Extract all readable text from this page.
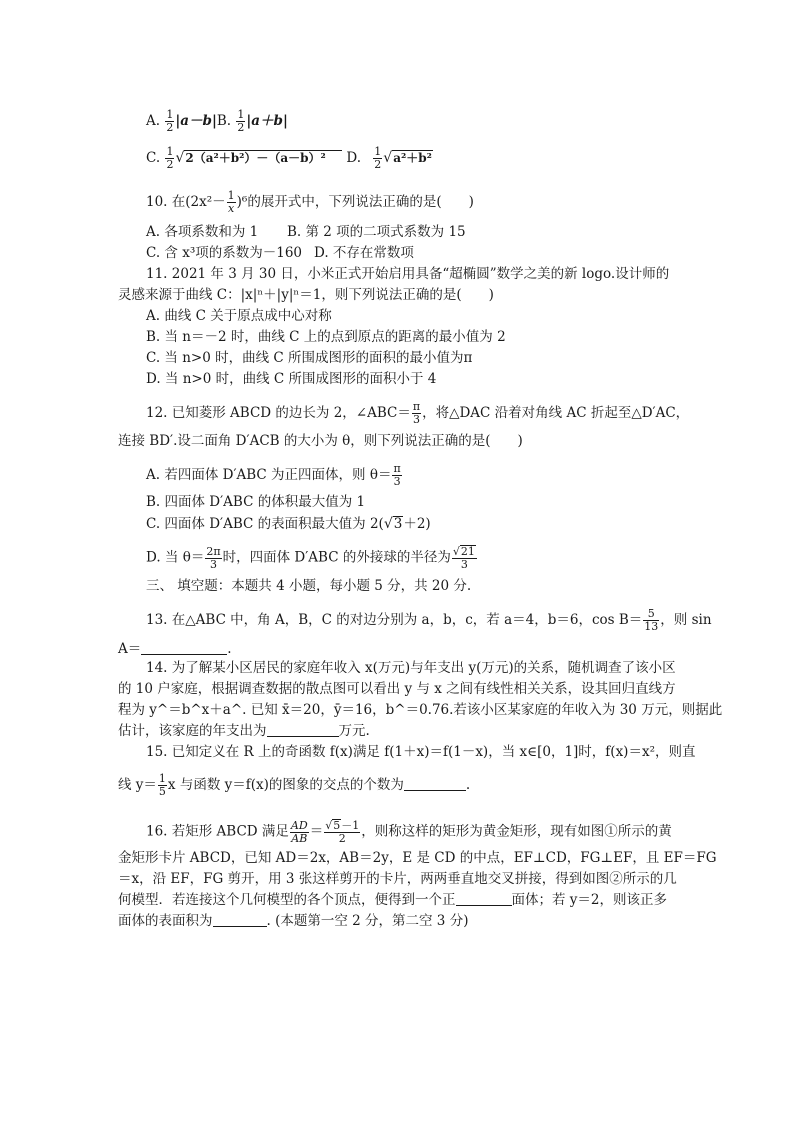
A. $\frac{1}{2} |a-b|B$. $\frac{1}{2} |a+b|$
C. $\frac{1}{2} √2(a^2+b^2)-(a-b)^2$ D. $\frac{1}{2} √a^2+b^2$
10. 在$(2x^2- \frac{1}{x} )^6$的展开式中，下列说法正确的是(　　)
A. 各项系数和为 1 B. 第 2 项的二项式系数为 15
C. 含 x³项的系数为－160 D. 不存在常数项
11. 2021 年 3 月 30 日，小米正式开始启用具备“超椭圆”数学之美的新 logo.设计师的
灵感来源于曲线 C：|x|ⁿ＋|y|ⁿ＝1，则下列说法正确的是(　　)
A. 曲线 C 关于原点成中心对称
B. 当 n＝－2 时，曲线 C 上的点到原点的距离的最小值为 2
C. 当 n>0 时，曲线 C 所围成图形的面积的最小值为π
D. 当 n>0 时，曲线 C 所围成图形的面积小于 4
12. 已知菱形 ABCD 的边长为 2，∠ABC＝ $\frac{\pi}{3}$ ，将△DAC 沿着对角线 AC 折起至△D′AC，
连接 BD′.设二面角 D′ACB 的大小为 θ，则下列说法正确的是(　　)
A. 若四面体 D′ABC 为正四面体，则 $\theta= \frac{\pi}{3}$
B. 四面体 D′ABC 的体积最大值为 1
C. 四面体 D′ABC 的表面积最大值为 2(√3＋2)
D. 当 $\theta= \frac{2\pi}{3}$ 时，四面体 D′ABC 的外接球的半径为 $\frac{√21}{3}$
三、 填空题：本题共 4 小题，每小题 5 分，共 20 分.
13. 在△ABC 中，角 A，B，C 的对边分别为 a，b，c，若 a＝4，b＝6，$\cos B= \frac{5}{13}$ ，则 sin
A＝	.
14. 为了解某小区居民的家庭年收入 x(万元)与年支出 y(万元)的关系，随机调查了该小区
的 10 户家庭，根据调查数据的散点图可以看出 y 与 x 之间有线性相关关系，设其回归直线方
程为 y^＝b^x＋a^. 已知 x̄＝20，ȳ＝16，b^＝0.76.若该小区某家庭的年收入为 30 万元，则据此
估计，该家庭的年支出为	万元.
15. 已知定义在 R 上的奇函数 f(x)满足 f(1＋x)＝f(1－x)，当 x∈[0，1]时，f(x)＝x²，则直
线 $y= \frac{1}{5}$ x 与函数 y＝f(x)的图象的交点的个数为	.
16. 若矩形 ABCD 满足 $\frac{AD}{AB} = \frac{√5-1}{2}$ ，则称这样的矩形为黄金矩形，现有如图①所示的黄
金矩形卡片 ABCD，已知 AD＝2x，AB＝2y，E 是 CD 的中点，EF⊥CD，FG⊥EF，且 EF＝FG
＝x，沿 EF，FG 剪开，用 3 张这样剪开的卡片，两两垂直地交叉拼接，得到如图②所示的几
何模型．若连接这个几何模型的各个顶点，便得到一个正	面体；若 y＝2，则该正多
面体的表面积为	. (本题第一空 2 分，第二空 3 分)
